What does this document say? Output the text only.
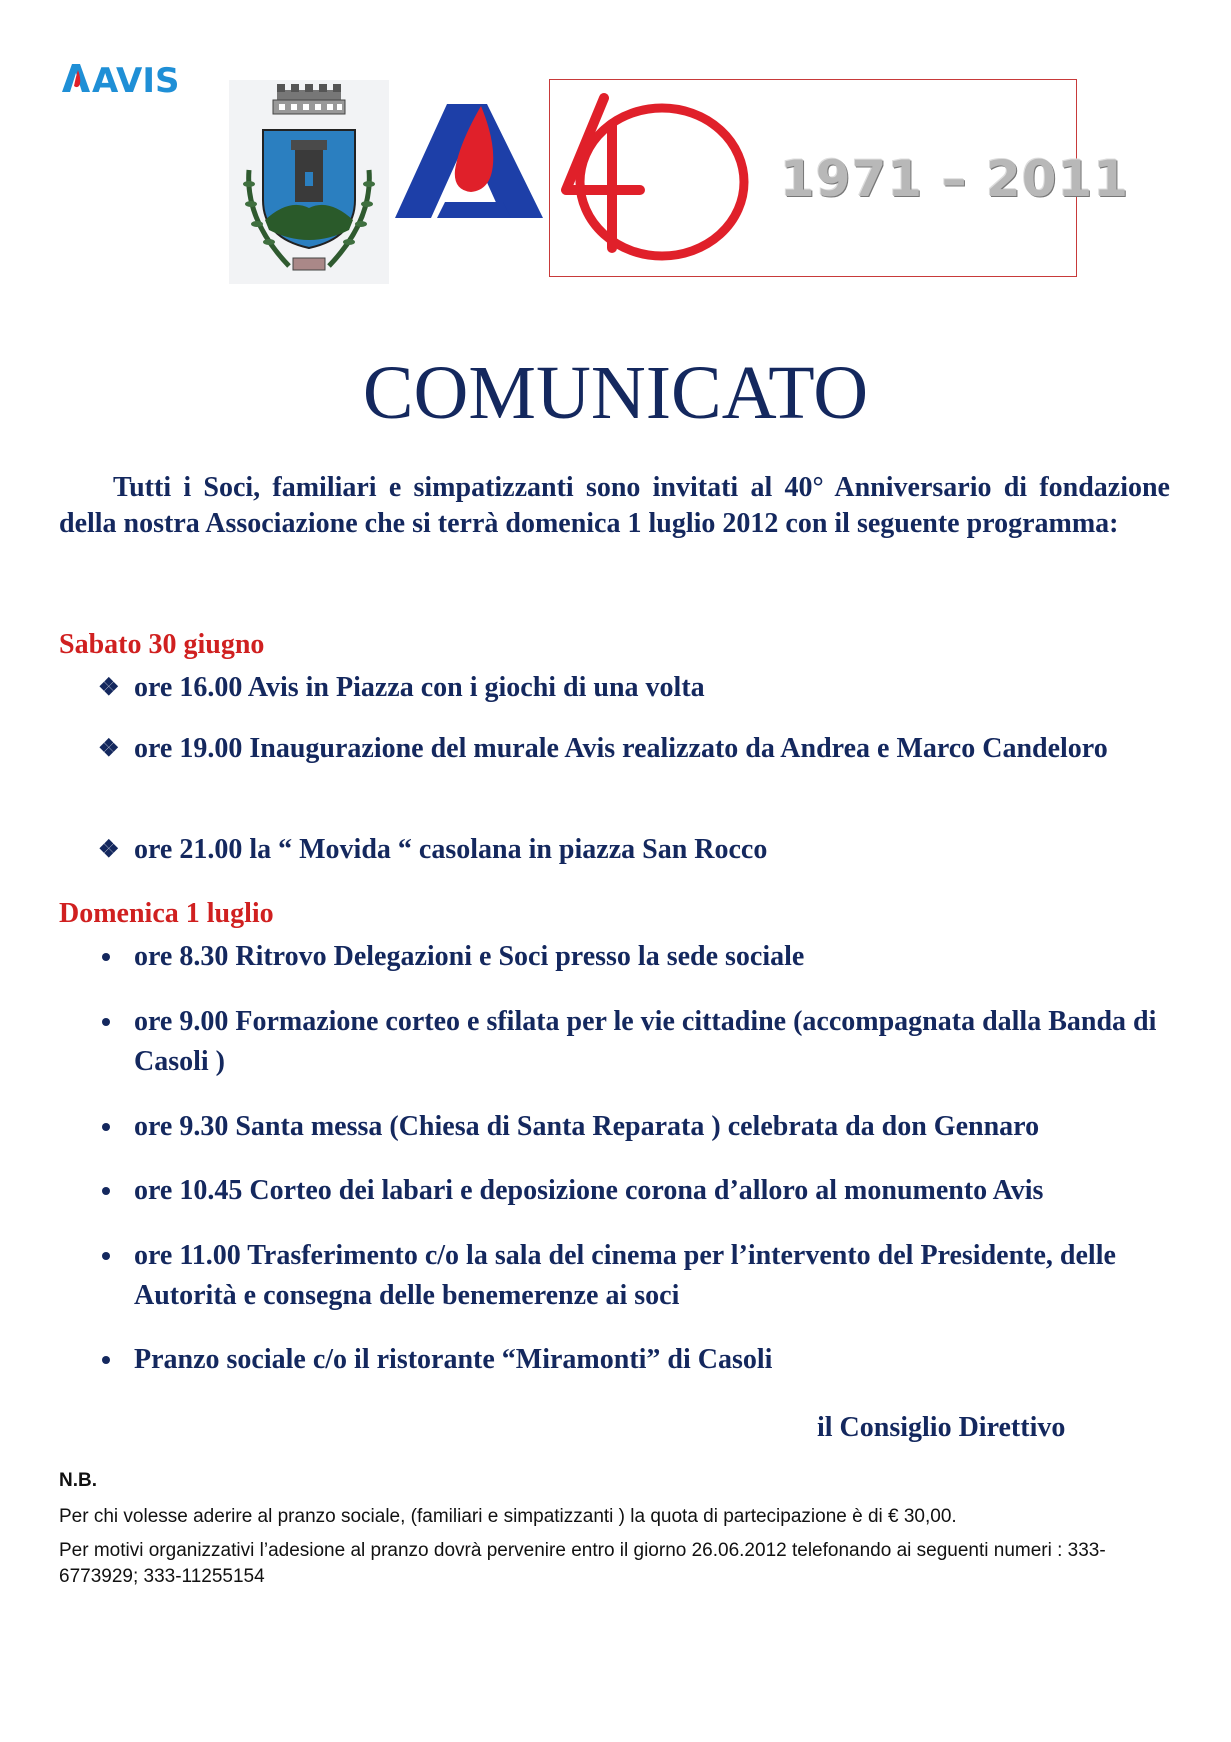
AVIS
1971 – 2011
COMUNICATO

Tutti i Soci, familiari e simpatizzanti sono invitati al 40° Anniversario di fondazione della nostra Associazione che si terrà domenica 1 luglio 2012 con il seguente programma:

Sabato 30 giugno
❖ ore 16.00 Avis in Piazza con i giochi di una volta
❖ ore 19.00 Inaugurazione del murale Avis realizzato da Andrea e Marco Candeloro
❖ ore 21.00 la “ Movida “ casolana in piazza San Rocco
Domenica 1 luglio
ore 8.30 Ritrovo Delegazioni e Soci presso la sede sociale
ore 9.00 Formazione corteo e sfilata per le vie cittadine (accompagnata dalla Banda di Casoli )
ore 9.30 Santa messa (Chiesa di Santa Reparata ) celebrata da don Gennaro
ore 10.45 Corteo dei labari e deposizione corona d’alloro al monumento Avis
ore 11.00 Trasferimento c/o la sala del cinema per l’intervento del Presidente, delle Autorità e consegna delle benemerenze ai soci
Pranzo sociale c/o il ristorante “Miramonti” di Casoli
il Consiglio Direttivo
N.B.
Per chi volesse aderire al pranzo sociale, (familiari e simpatizzanti ) la quota di partecipazione è di € 30,00.
Per motivi organizzativi l’adesione al pranzo dovrà pervenire entro il giorno 26.06.2012 telefonando ai seguenti numeri : 333-6773929; 333-11255154
